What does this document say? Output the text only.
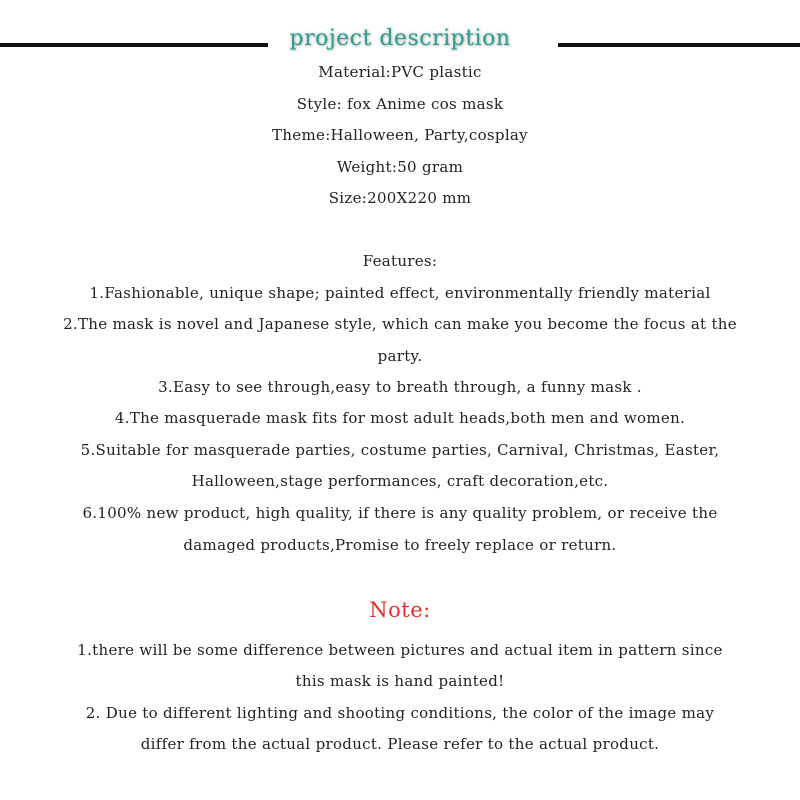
project description
Material:PVC plastic
Style: fox Anime cos mask
Theme:Halloween, Party,cosplay
Weight:50 gram
Size:200X220 mm
Features:
1.Fashionable, unique shape; painted effect, environmentally friendly material
2.The mask is novel and Japanese style, which can make you become the focus at the
party.
3.Easy to see through,easy to breath through, a funny mask .
4.The masquerade mask fits for most adult heads,both men and women.
5.Suitable for masquerade parties, costume parties, Carnival, Christmas, Easter,
Halloween,stage performances, craft decoration,etc.
6.100% new product, high quality, if there is any quality problem, or receive the
damaged products,Promise to freely replace or return.
Note:
1.there will be some difference between pictures and actual item in pattern since
this mask is hand painted!
2. Due to different lighting and shooting conditions, the color of the image may
differ from the actual product. Please refer to the actual product.
